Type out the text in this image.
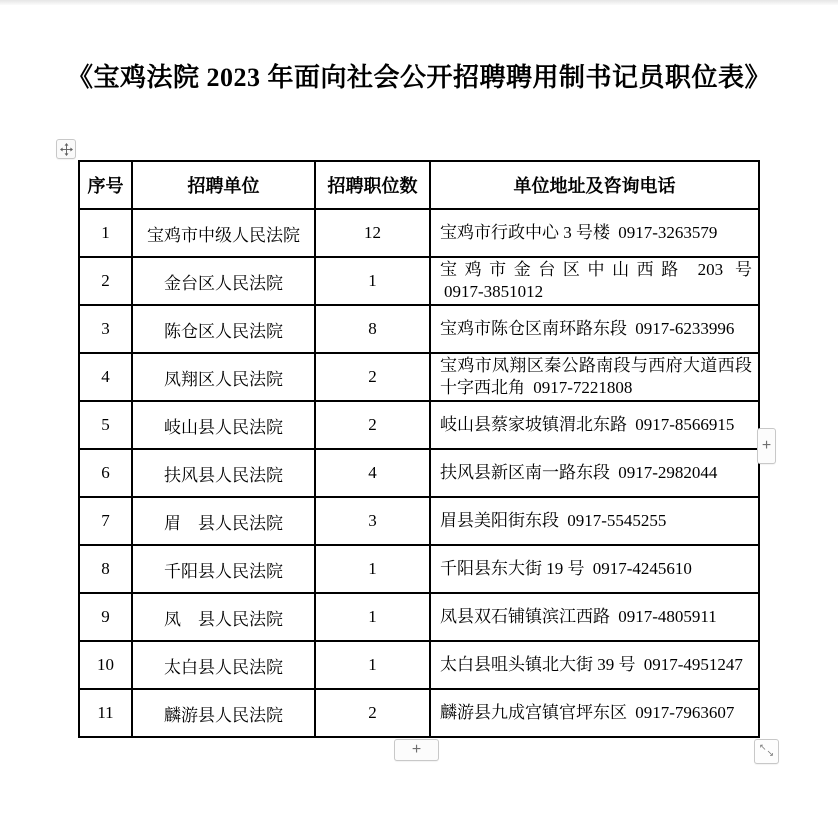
《宝鸡法院 2023 年面向社会公开招聘聘用制书记员职位表》
序号	招聘单位	招聘职位数	单位地址及咨询电话
1	宝鸡市中级人民法院	12	宝鸡市行政中心 3 号楼 0917-3263579
2	金台区人民法院	1	宝鸡市金台区中山西路 203 号 0917-3851012
3	陈仓区人民法院	8	宝鸡市陈仓区南环路东段 0917-6233996
4	凤翔区人民法院	2	宝鸡市凤翔区秦公路南段与西府大道西段十字西北角 0917-7221808
5	岐山县人民法院	2	岐山县蔡家坡镇渭北东路 0917-8566915
6	扶风县人民法院	4	扶风县新区南一路东段 0917-2982044
7	眉　县人民法院	3	眉县美阳街东段 0917-5545255
8	千阳县人民法院	1	千阳县东大街 19 号 0917-4245610
9	凤　县人民法院	1	凤县双石铺镇滨江西路 0917-4805911
10	太白县人民法院	1	太白县咀头镇北大街 39 号 0917-4951247
11	麟游县人民法院	2	麟游县九成宫镇官坪东区 0917-7963607
+
+	↖
↘
